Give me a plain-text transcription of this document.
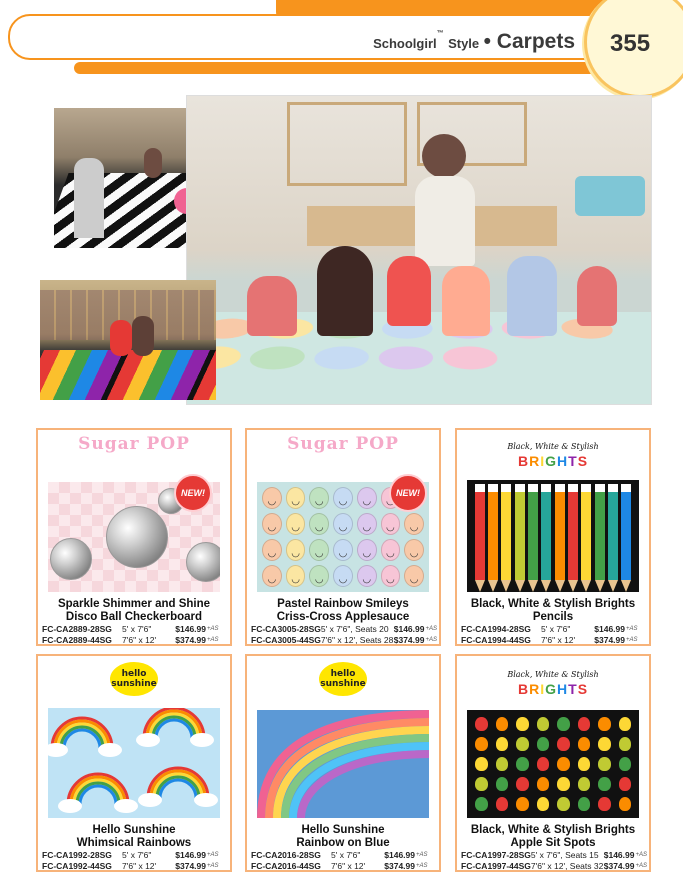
Schoolgirl™ Style • Carpets 355
Sugar POP
NEW!
Sparkle Shimmer and Shine
Disco Ball Checkerboard
FC-CA2889-28SG	5' x 7'6"	$146.99 +AS
FC-CA2889-44SG	7'6" x 12'	$374.99 +AS
Sugar POP
◡
◡
◡
◡
◡
◡
◡
◡
◡
◡
◡
◡
◡
◡
◡
◡
◡
◡
◡
◡
◡
◡
◡
◡
◡
◡
◡
◡
NEW!
Pastel Rainbow Smileys
Criss-Cross Applesauce
FC-CA3005-28SG 5' x 7'6", Seats 20 $146.99 +AS
FC-CA3005-44SG 7'6" x 12', Seats 28 $374.99 +AS
Black, White & Stylish
BRIGHTS
Black, White & Stylish Brights
Pencils
FC-CA1994-28SG	5' x 7'6"	$146.99 +AS
FC-CA1994-44SG	7'6" x 12'	$374.99 +AS
hello
sunshine
Hello Sunshine
Whimsical Rainbows
FC-CA1992-28SG	5' x 7'6"	$146.99 +AS
FC-CA1992-44SG	7'6" x 12'	$374.99 +AS
hello
sunshine
Hello Sunshine
Rainbow on Blue
FC-CA2016-28SG	5' x 7'6"	$146.99 +AS
FC-CA2016-44SG	7'6" x 12'	$374.99 +AS
Black, White & Stylish
BRIGHTS
Black, White & Stylish Brights
Apple Sit Spots
FC-CA1997-28SG 5' x 7'6", Seats 15 $146.99 +AS
FC-CA1997-44SG 7'6" x 12', Seats 32 $374.99 +AS
